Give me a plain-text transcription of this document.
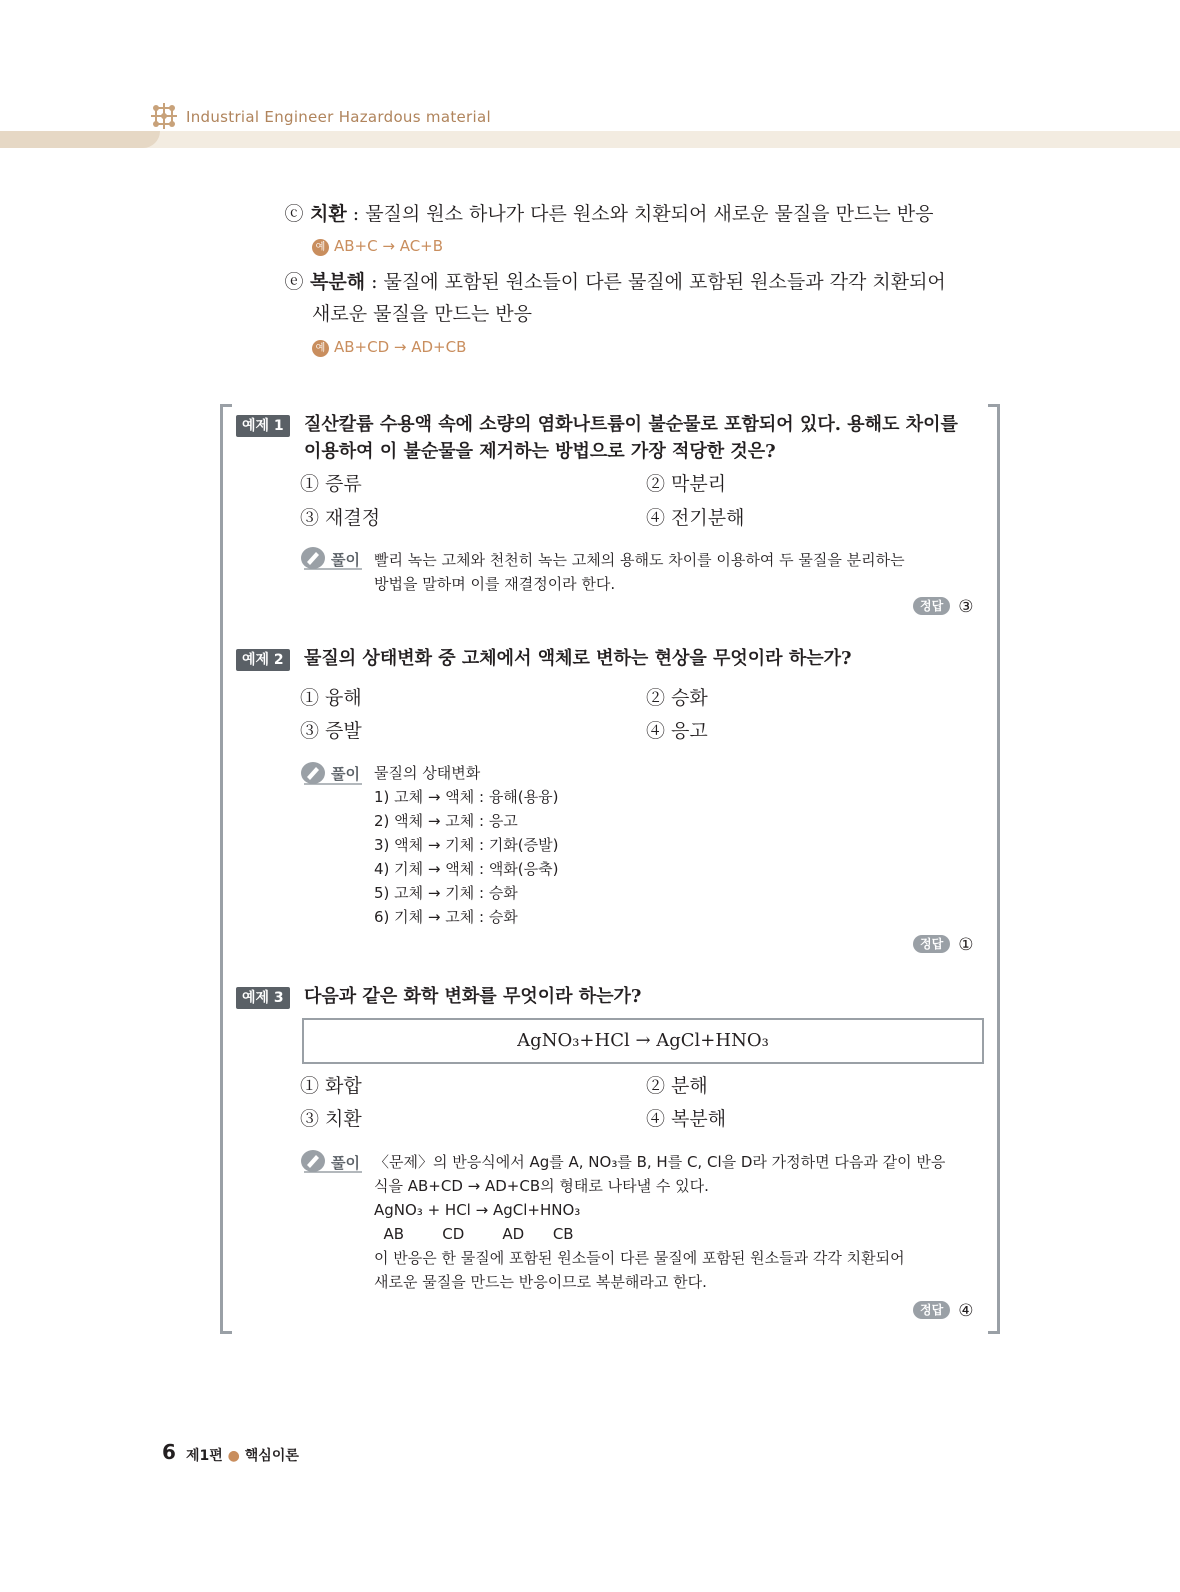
Industrial Engineer Hazardous material
ⓒ 치환 : 물질의 원소 하나가 다른 원소와 치환되어 새로운 물질을 만드는 반응
예 AB+C → AC+B
ⓔ 복분해 : 물질에 포함된 원소들이 다른 물질에 포함된 원소들과 각각 치환되어
새로운 물질을 만드는 반응
예 AB+CD → AD+CB
예제 1	질산칼륨 수용액 속에 소량의 염화나트륨이 불순물로 포함되어 있다. 용해도 차이를
이용하여 이 불순물을 제거하는 방법으로 가장 적당한 것은?
① 증류	② 막분리
③ 재결정	④ 전기분해
풀이 빨리 녹는 고체와 천천히 녹는 고체의 용해도 차이를 이용하여 두 물질을 분리하는
방법을 말하며 이를 재결정이라 한다.
정답 ③
예제 2	물질의 상태변화 중 고체에서 액체로 변하는 현상을 무엇이라 하는가?
① 융해	② 승화
③ 증발	④ 응고
풀이 물질의 상태변화
1) 고체 → 액체 : 융해(용융)
2) 액체 → 고체 : 응고
3) 액체 → 기체 : 기화(증발)
4) 기체 → 액체 : 액화(응축)
5) 고체 → 기체 : 승화
6) 기체 → 고체 : 승화
정답 ①
예제 3	다음과 같은 화학 변화를 무엇이라 하는가?
AgNO₃+HCl → AgCl+HNO₃
① 화합	② 분해
③ 치환	④ 복분해
풀이 〈문제〉의 반응식에서 Ag를 A, NO₃를 B, H를 C, Cl을 D라 가정하면 다음과 같이 반응
식을 AB+CD → AD+CB의 형태로 나타낼 수 있다.
AgNO₃ + HCl → AgCl+HNO₃
AB        CD        AD      CB
이 반응은 한 물질에 포함된 원소들이 다른 물질에 포함된 원소들과 각각 치환되어
새로운 물질을 만드는 반응이므로 복분해라고 한다.
정답 ④
6 제1편 ● 핵심이론
